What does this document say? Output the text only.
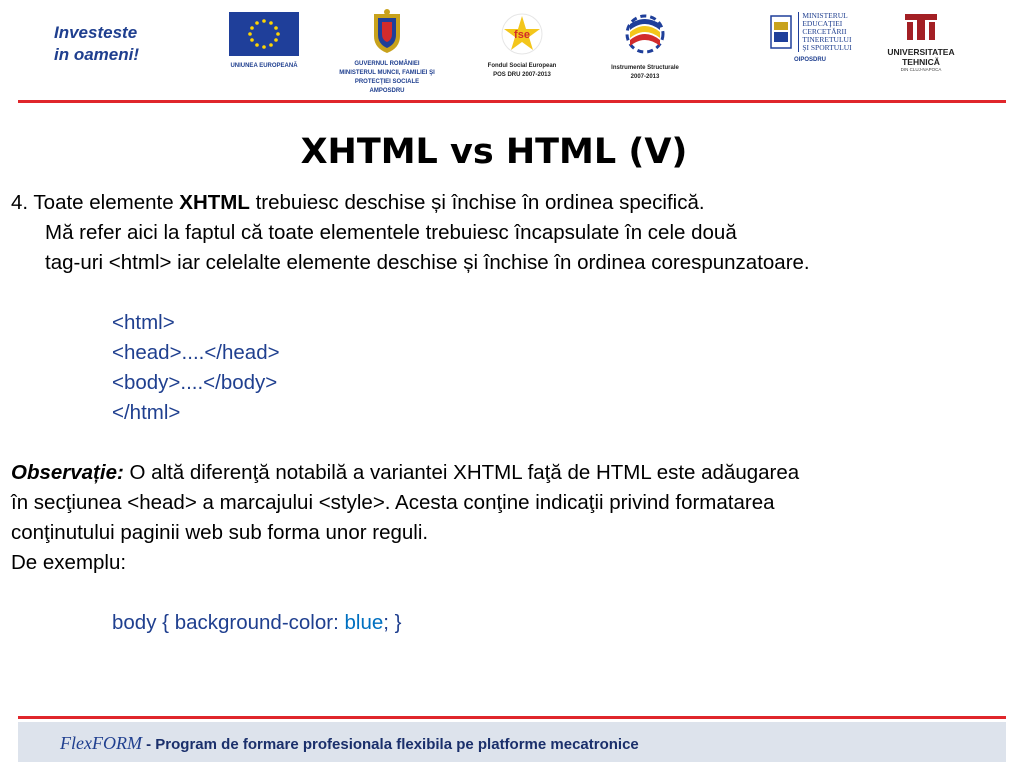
Investeste
in oameni!
UNIUNEA EUROPEANĂ	GUVERNUL ROMÂNIEI
MINISTERUL MUNCII, FAMILIEI ŞI
PROTECŢIEI SOCIALE
AMPOSDRU
fse
Fondul Social European
POS DRU 2007-2013
Instrumente Structurale
2007-2013
MINISTERUL
EDUCAŢIEI
CERCETĂRII
TINERETULUI
ŞI SPORTULUI
OIPOSDRU
UNIVERSITATEA
TEHNICĂ
DIN CLUJ-NAPOCA
XHTML vs HTML (V)
4. Toate elemente XHTML trebuiesc deschise și închise în ordinea specifică.
Mă refer aici la faptul că toate elementele trebuiesc încapsulate în cele două
tag-uri <html> iar celelalte elemente deschise și închise în ordinea corespunzatoare.
<html>
<head>....</head>
<body>....</body>
</html>
Observație: O altă diferenţă notabilă a variantei XHTML faţă de HTML este adăugarea
în secţiunea <head> a marcajului <style>. Acesta conţine indicaţii privind formatarea
conţinutului paginii web sub forma unor reguli.
De exemplu:
body { background-color: blue; }
FlexFORM - Program de formare profesionala flexibila pe platforme mecatronice
